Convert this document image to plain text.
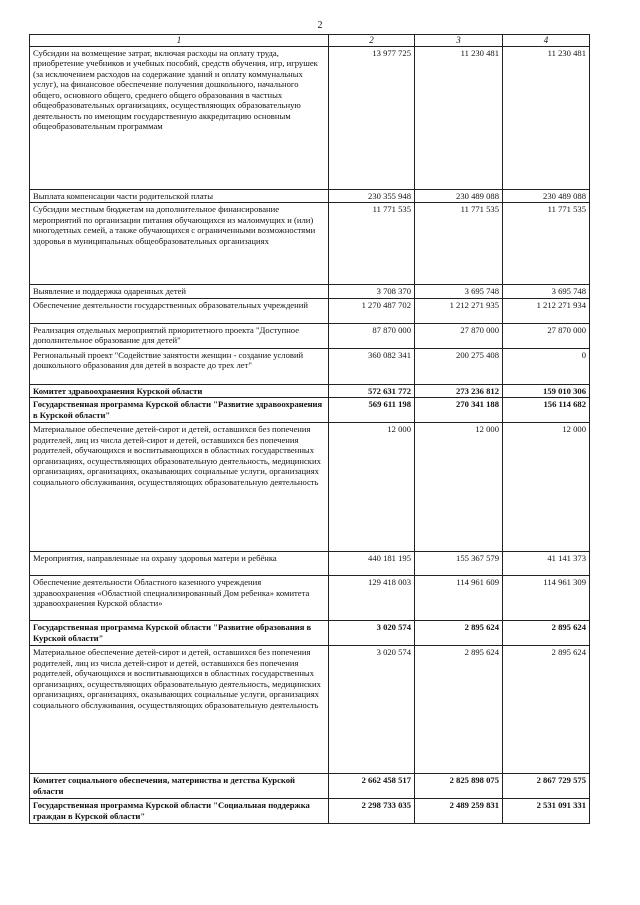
2
1	2	3	4
Субсидии на возмещение затрат, включая расходы на оплату труда, приобретение учебников и учебных пособий, средств обучения, игр, игрушек (за исключением расходов на содержание зданий и оплату коммунальных услуг), на финансовое обеспечение получения дошкольного, начального общего, основного общего, среднего общего образования в частных общеобразовательных организациях, осуществляющих образовательную деятельность по имеющим государственную аккредитацию основным общеобразовательным программам	13 977 725	11 230 481	11 230 481
Выплата компенсации части родительской платы	230 355 948	230 489 088	230 489 088
Субсидии местным бюджетам на дополнительное финансирование мероприятий по организации питания обучающихся из малоимущих и (или) многодетных семей, а также обучающихся с ограниченными возможностями здоровья в муниципальных общеобразовательных организациях	11 771 535	11 771 535	11 771 535
Выявление и поддержка одаренных детей	3 708 370	3 695 748	3 695 748
Обеспечение деятельности государственных образовательных учреждений	1 270 487 702	1 212 271 935	1 212 271 934
Реализация отдельных мероприятий приоритетного проекта "Доступное дополнительное образование для детей"	87 870 000	27 870 000	27 870 000
Региональный проект "Содействие занятости женщин - создание условий дошкольного образования для детей в возрасте до трех лет"	360 082 341	200 275 408	0
Комитет здравоохранения Курской области	572 631 772	273 236 812	159 010 306
Государственная программа Курской области "Развитие здравоохранения в Курской области"	569 611 198	270 341 188	156 114 682
Материальное обеспечение детей-сирот и детей, оставшихся без попечения родителей, лиц из числа детей-сирот и детей, оставшихся без попечения родителей, обучающихся и воспитывающихся в областных государственных организациях, осуществляющих образовательную деятельность, медицинских организациях, организациях, оказывающих социальные услуги, организациях социального обслуживания, осуществляющих образовательную деятельность	12 000	12 000	12 000
Мероприятия, направленные на охрану здоровья матери и ребёнка	440 181 195	155 367 579	41 141 373
Обеспечение деятельности Областного казенного учреждения здравоохранения «Областной специализированный Дом ребенка» комитета здравоохранения Курской области»	129 418 003	114 961 609	114 961 309
Государственная программа Курской области "Развитие образования в Курской области"	3 020 574	2 895 624	2 895 624
Материальное обеспечение детей-сирот и детей, оставшихся без попечения родителей, лиц из числа детей-сирот и детей, оставшихся без попечения родителей, обучающихся и воспитывающихся в областных государственных организациях, осуществляющих образовательную деятельность, медицинских организациях, организациях, оказывающих социальные услуги, организациях социального обслуживания, осуществляющих образовательную деятельность	3 020 574	2 895 624	2 895 624
Комитет социального обеспечения, материнства и детства Курской области	2 662 458 517	2 825 898 075	2 867 729 575
Государственная программа Курской области "Социальная поддержка граждан в Курской области"	2 298 733 035	2 489 259 831	2 531 091 331
